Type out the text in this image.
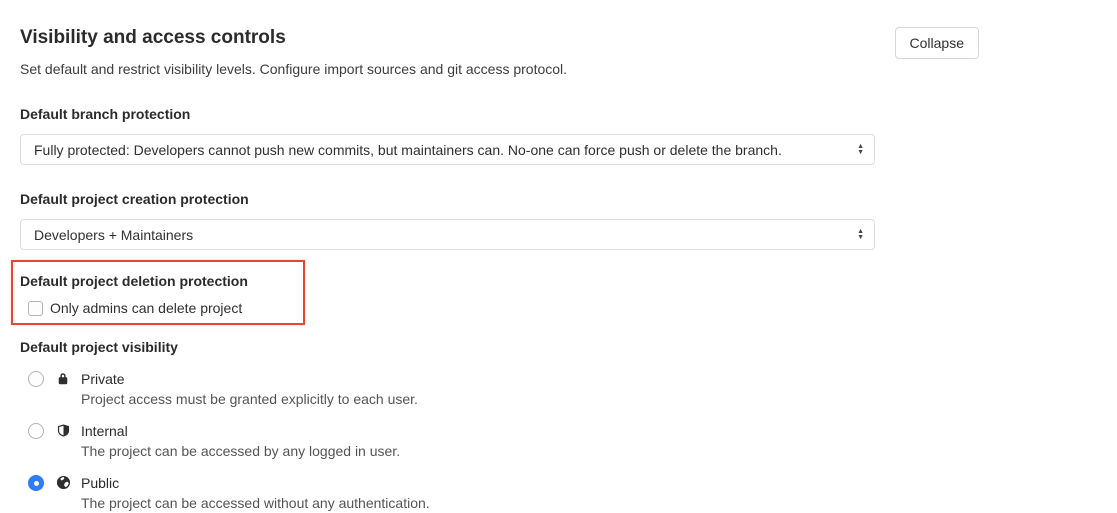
Visibility and access controls
Set default and restrict visibility levels. Configure import sources and git access protocol.
Collapse
Default branch protection
Fully protected: Developers cannot push new commits, but maintainers can. No-one can force push or delete the branch.	▲
▼
Default project creation protection
Developers + Maintainers	▲
▼
Default project deletion protection
Only admins can delete project
Default project visibility
Private
Project access must be granted explicitly to each user.
Internal
The project can be accessed by any logged in user.
Public
The project can be accessed without any authentication.
